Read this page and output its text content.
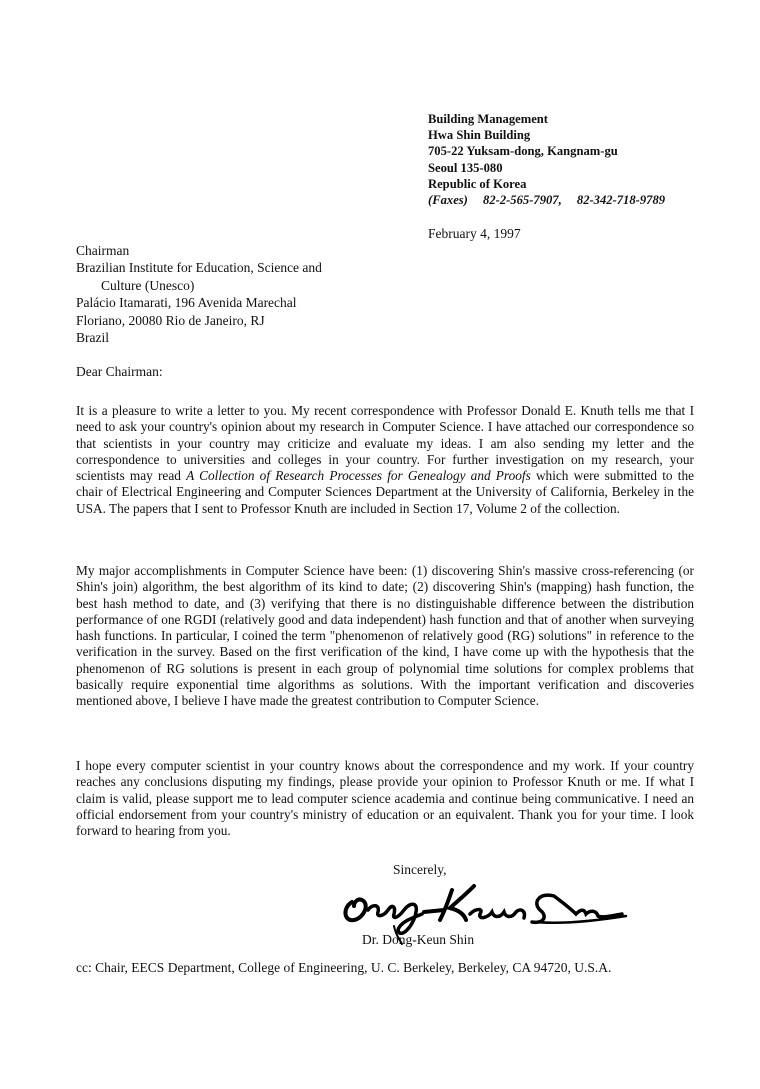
Building Management
Hwa Shin Building
705-22 Yuksam-dong, Kangnam-gu
Seoul 135-080
Republic of Korea
(Faxes) 82-2-565-7907, 82-342-718-9789
February 4, 1997
Chairman
Brazilian Institute for Education, Science and
Culture (Unesco)
Palácio Itamarati, 196 Avenida Marechal
Floriano, 20080 Rio de Janeiro, RJ
Brazil
Dear Chairman:

It is a pleasure to write a letter to you. My recent correspondence with Professor Donald E. Knuth tells me that I need to ask your country's opinion about my research in Computer Science. I have attached our correspondence so that scientists in your country may criticize and evaluate my ideas. I am also sending my letter and the correspondence to universities and colleges in your country. For further investigation on my research, your scientists may read A Collection of Research Processes for Genealogy and Proofs which were submitted to the chair of Electrical Engineering and Computer Sciences Department at the University of California, Berkeley in the USA. The papers that I sent to Professor Knuth are included in Section 17, Volume 2 of the collection.

My major accomplishments in Computer Science have been: (1) discovering Shin's massive cross-referencing (or Shin's join) algorithm, the best algorithm of its kind to date; (2) discovering Shin's (mapping) hash function, the best hash method to date, and (3) verifying that there is no distinguishable difference between the distribution performance of one RGDI (relatively good and data independent) hash function and that of another when surveying hash functions. In particular, I coined the term "phenomenon of relatively good (RG) solutions" in reference to the verification in the survey. Based on the first verification of the kind, I have come up with the hypothesis that the phenomenon of RG solutions is present in each group of polynomial time solutions for complex problems that basically require exponential time algorithms as solutions. With the important verification and discoveries mentioned above, I believe I have made the greatest contribution to Computer Science.

I hope every computer scientist in your country knows about the correspondence and my work. If your country reaches any conclusions disputing my findings, please provide your opinion to Professor Knuth or me. If what I claim is valid, please support me to lead computer science academia and continue being communicative. I need an official endorsement from your country's ministry of education or an equivalent. Thank you for your time. I look forward to hearing from you.

Sincerely,
Dr. Dong-Keun Shin
cc: Chair, EECS Department, College of Engineering, U. C. Berkeley, Berkeley, CA 94720, U.S.A.
